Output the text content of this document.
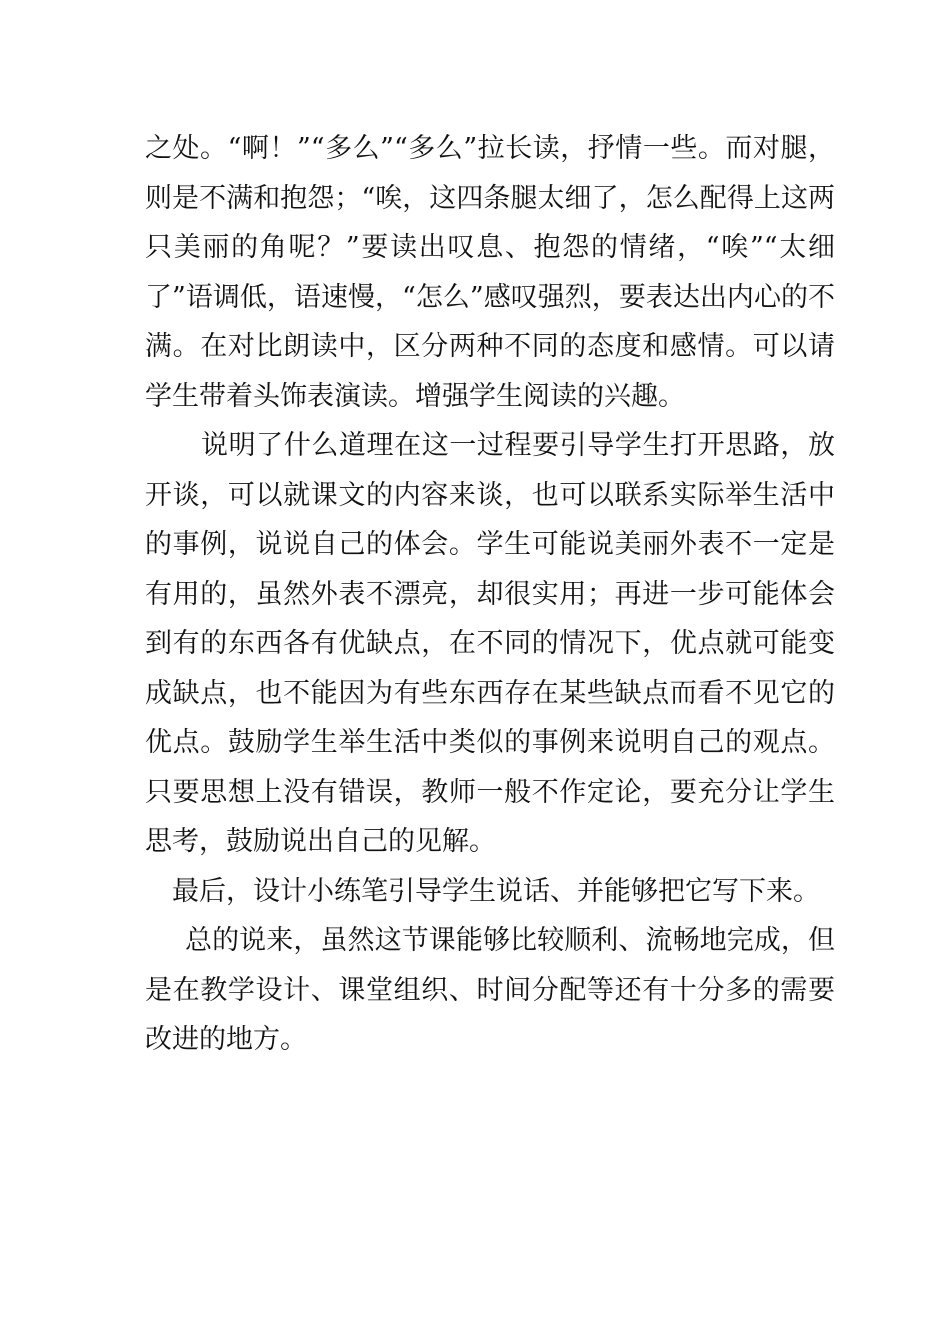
之处。“啊！”“多么”“多么”拉长读，抒情一些。而对腿，则是不满和抱怨；“唉，这四条腿太细了，怎么配得上这两只美丽的角呢？”要读出叹息、抱怨的情绪，“唉”“太细了”语调低，语速慢，“怎么”感叹强烈，要表达出内心的不满。在对比朗读中，区分两种不同的态度和感情。可以请学生带着头饰表演读。增强学生阅读的兴趣。

说明了什么道理在这一过程要引导学生打开思路，放开谈，可以就课文的内容来谈，也可以联系实际举生活中的事例，说说自己的体会。学生可能说美丽外表不一定是有用的，虽然外表不漂亮，却很实用；再进一步可能体会到有的东西各有优缺点，在不同的情况下，优点就可能变成缺点，也不能因为有些东西存在某些缺点而看不见它的优点。鼓励学生举生活中类似的事例来说明自己的观点。只要思想上没有错误，教师一般不作定论，要充分让学生思考，鼓励说出自己的见解。

最后，设计小练笔引导学生说话、并能够把它写下来。

总的说来，虽然这节课能够比较顺利、流畅地完成，但是在教学设计、课堂组织、时间分配等还有十分多的需要改进的地方。
